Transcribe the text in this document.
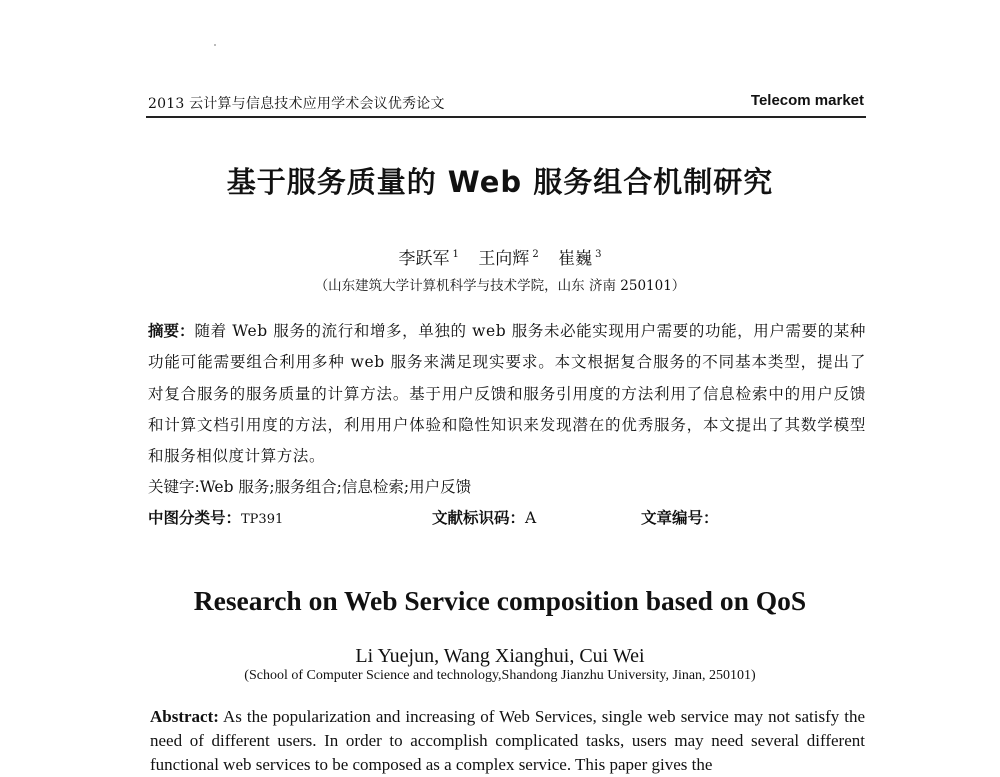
2013 云计算与信息技术应用学术会议优秀论文	Telecom market
基于服务质量的 Web 服务组合机制研究
李跃军 $^1$ 王向辉 $^2$ 崔巍 $^3$
（山东建筑大学计算机科学与技术学院，山东 济南 250101）
摘要：随着 Web 服务的流行和增多，单独的 web 服务未必能实现用户需要的功能，用户需要的某种功能可能需要组合利用多种 web 服务来满足现实要求。本文根据复合服务的不同基本类型，提出了对复合服务的服务质量的计算方法。基于用户反馈和服务引用度的方法利用了信息检索中的用户反馈和计算文档引用度的方法，利用用户体验和隐性知识来发现潜在的优秀服务，本文提出了其数学模型和服务相似度计算方法。
关键字:Web 服务;服务组合;信息检索;用户反馈
中图分类号：TP391	文献标识码：A	文章编号：
Research on Web Service composition based on QoS
Li Yuejun, Wang Xianghui, Cui Wei
(School of Computer Science and technology,Shandong Jianzhu University, Jinan, 250101)
Abstract: As the popularization and increasing of Web Services, single web service may not satisfy the need of different users. In order to accomplish complicated tasks, users may need several different functional web services to be composed as a complex service. This paper gives the
